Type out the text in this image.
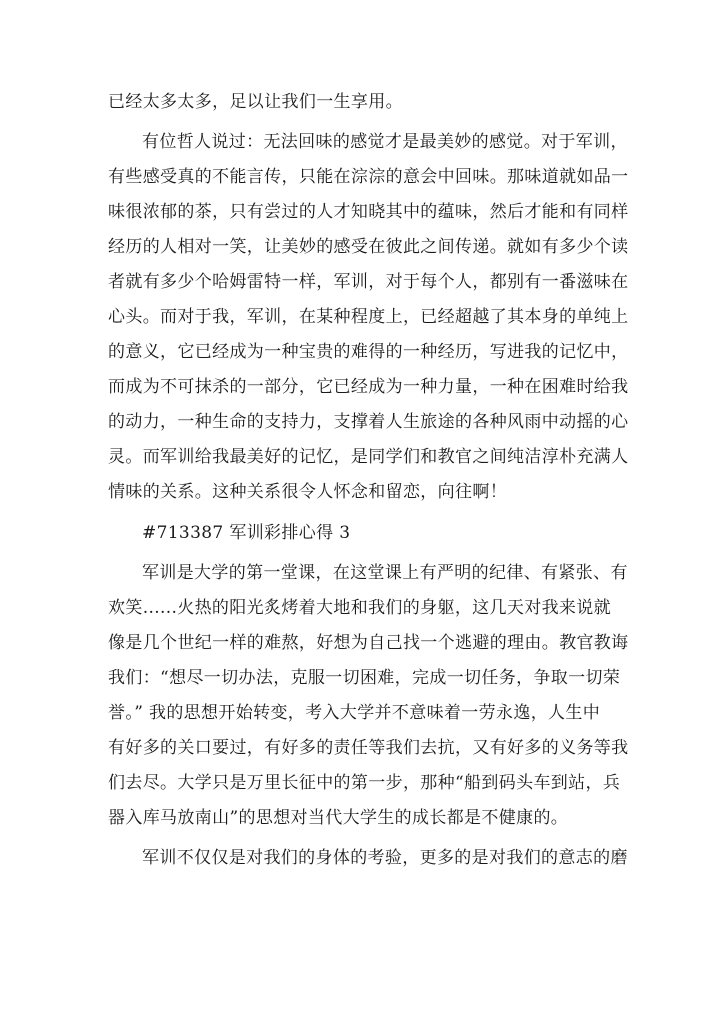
已经太多太多，足以让我们一生享用。
有位哲人说过：无法回味的感觉才是最美妙的感觉。对于军训，
有些感受真的不能言传，只能在淙淙的意会中回味。那味道就如品一
味很浓郁的茶，只有尝过的人才知晓其中的蕴味，然后才能和有同样
经历的人相对一笑，让美妙的感受在彼此之间传递。就如有多少个读
者就有多少个哈姆雷特一样，军训，对于每个人，都别有一番滋味在
心头。而对于我，军训，在某种程度上，已经超越了其本身的单纯上
的意义，它已经成为一种宝贵的难得的一种经历，写进我的记忆中，
而成为不可抹杀的一部分，它已经成为一种力量，一种在困难时给我
的动力，一种生命的支持力，支撑着人生旅途的各种风雨中动摇的心
灵。而军训给我最美好的记忆，是同学们和教官之间纯洁淳朴充满人
情味的关系。这种关系很令人怀念和留恋，向往啊！
#713387 军训彩排心得 3
军训是大学的第一堂课，在这堂课上有严明的纪律、有紧张、有
欢笑......火热的阳光炙烤着大地和我们的身躯，这几天对我来说就
像是几个世纪一样的难熬，好想为自己找一个逃避的理由。教官教诲
我们：“想尽一切办法，克服一切困难，完成一切任务，争取一切荣
誉。” 我的思想开始转变，考入大学并不意味着一劳永逸，人生中
有好多的关口要过，有好多的责任等我们去抗，又有好多的义务等我
们去尽。大学只是万里长征中的第一步，那种“船到码头车到站，兵
器入库马放南山”的思想对当代大学生的成长都是不健康的。
军训不仅仅是对我们的身体的考验，更多的是对我们的意志的磨
